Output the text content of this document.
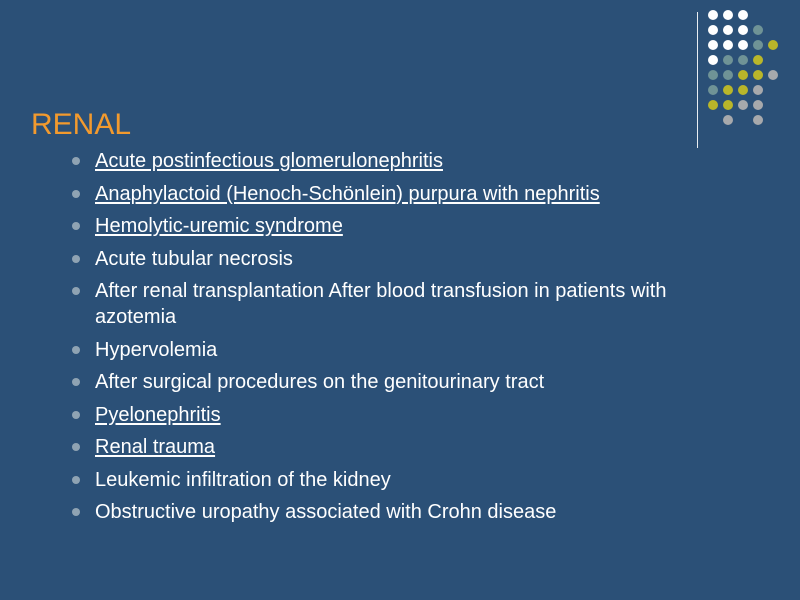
RENAL
Acute postinfectious glomerulonephritis
Anaphylactoid (Henoch-Schönlein) purpura with nephritis
Hemolytic-uremic syndrome
Acute tubular necrosis
After renal transplantation After blood transfusion in patients with azotemia
Hypervolemia
After surgical procedures on the genitourinary tract
Pyelonephritis
Renal trauma
Leukemic infiltration of the kidney
Obstructive uropathy associated with Crohn disease
